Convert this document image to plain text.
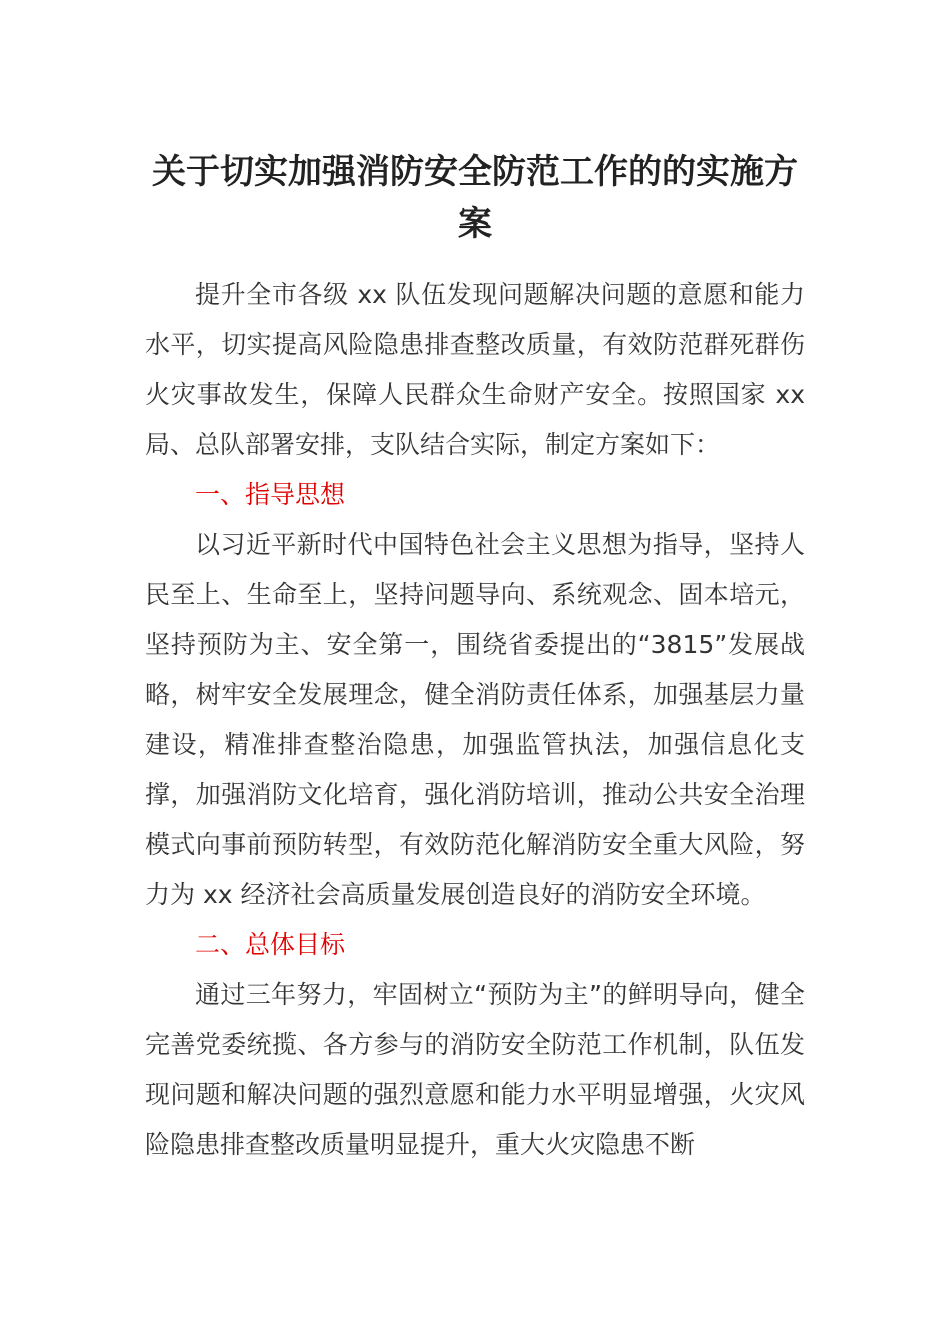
关于切实加强消防安全防范工作的的实施方案

提升全市各级 xx 队伍发现问题解决问题的意愿和能力水平，切实提高风险隐患排查整改质量，有效防范群死群伤火灾事故发生，保障人民群众生命财产安全。按照国家 xx 局、总队部署安排，支队结合实际，制定方案如下：

一、指导思想

以习近平新时代中国特色社会主义思想为指导，坚持人民至上、生命至上，坚持问题导向、系统观念、固本培元，坚持预防为主、安全第一，围绕省委提出的“3815”发展战略，树牢安全发展理念，健全消防责任体系，加强基层力量建设，精准排查整治隐患，加强监管执法，加强信息化支撑，加强消防文化培育，强化消防培训，推动公共安全治理模式向事前预防转型，有效防范化解消防安全重大风险，努力为 xx 经济社会高质量发展创造良好的消防安全环境。

二、总体目标

通过三年努力，牢固树立“预防为主”的鲜明导向，健全完善党委统揽、各方参与的消防安全防范工作机制，队伍发现问题和解决问题的强烈意愿和能力水平明显增强，火灾风险隐患排查整改质量明显提升，重大火灾隐患不断
